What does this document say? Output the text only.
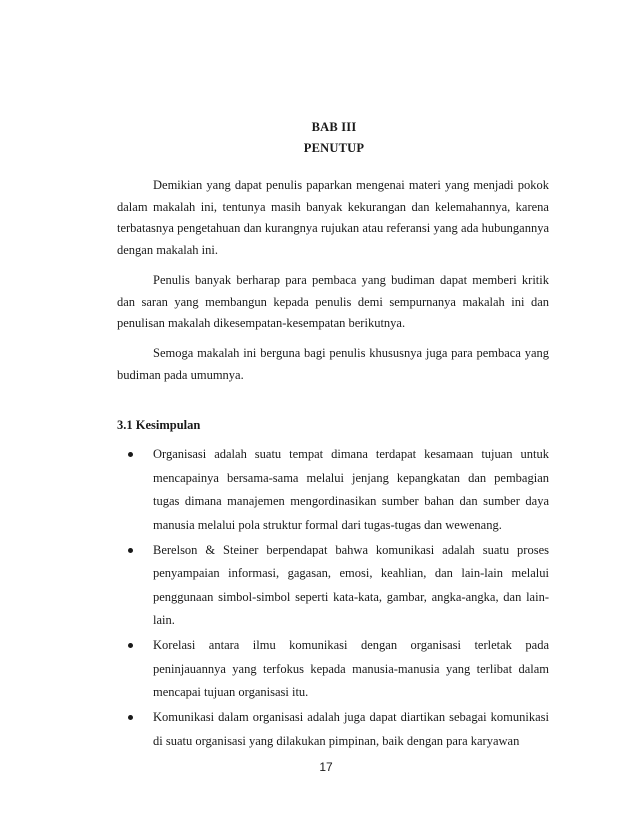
BAB III
PENUTUP

Demikian yang dapat penulis paparkan mengenai materi yang menjadi pokok dalam makalah ini, tentunya masih banyak kekurangan dan kelemahannya, karena terbatasnya pengetahuan dan kurangnya rujukan atau referansi yang ada hubungannya dengan makalah ini.

Penulis banyak berharap para pembaca yang budiman dapat memberi kritik dan saran yang membangun kepada penulis demi sempurnanya makalah ini dan penulisan makalah dikesempatan-kesempatan berikutnya.

Semoga makalah ini berguna bagi penulis khususnya juga para pembaca yang budiman pada umumnya.

3.1 Kesimpulan
Organisasi adalah suatu tempat dimana terdapat kesamaan tujuan untuk mencapainya bersama-sama melalui jenjang kepangkatan dan pembagian tugas dimana manajemen mengordinasikan sumber bahan dan sumber daya manusia melalui pola struktur formal dari tugas-tugas dan wewenang.
Berelson & Steiner berpendapat bahwa komunikasi adalah suatu proses penyampaian informasi, gagasan, emosi, keahlian, dan lain-lain melalui penggunaan simbol-simbol seperti kata-kata, gambar, angka-angka, dan lain-lain.
Korelasi antara ilmu komunikasi dengan organisasi terletak pada peninjauannya yang terfokus kepada manusia-manusia yang terlibat dalam mencapai tujuan organisasi itu.
Komunikasi dalam organisasi adalah juga dapat diartikan sebagai komunikasi di suatu organisasi yang dilakukan pimpinan, baik dengan para karyawan
17
